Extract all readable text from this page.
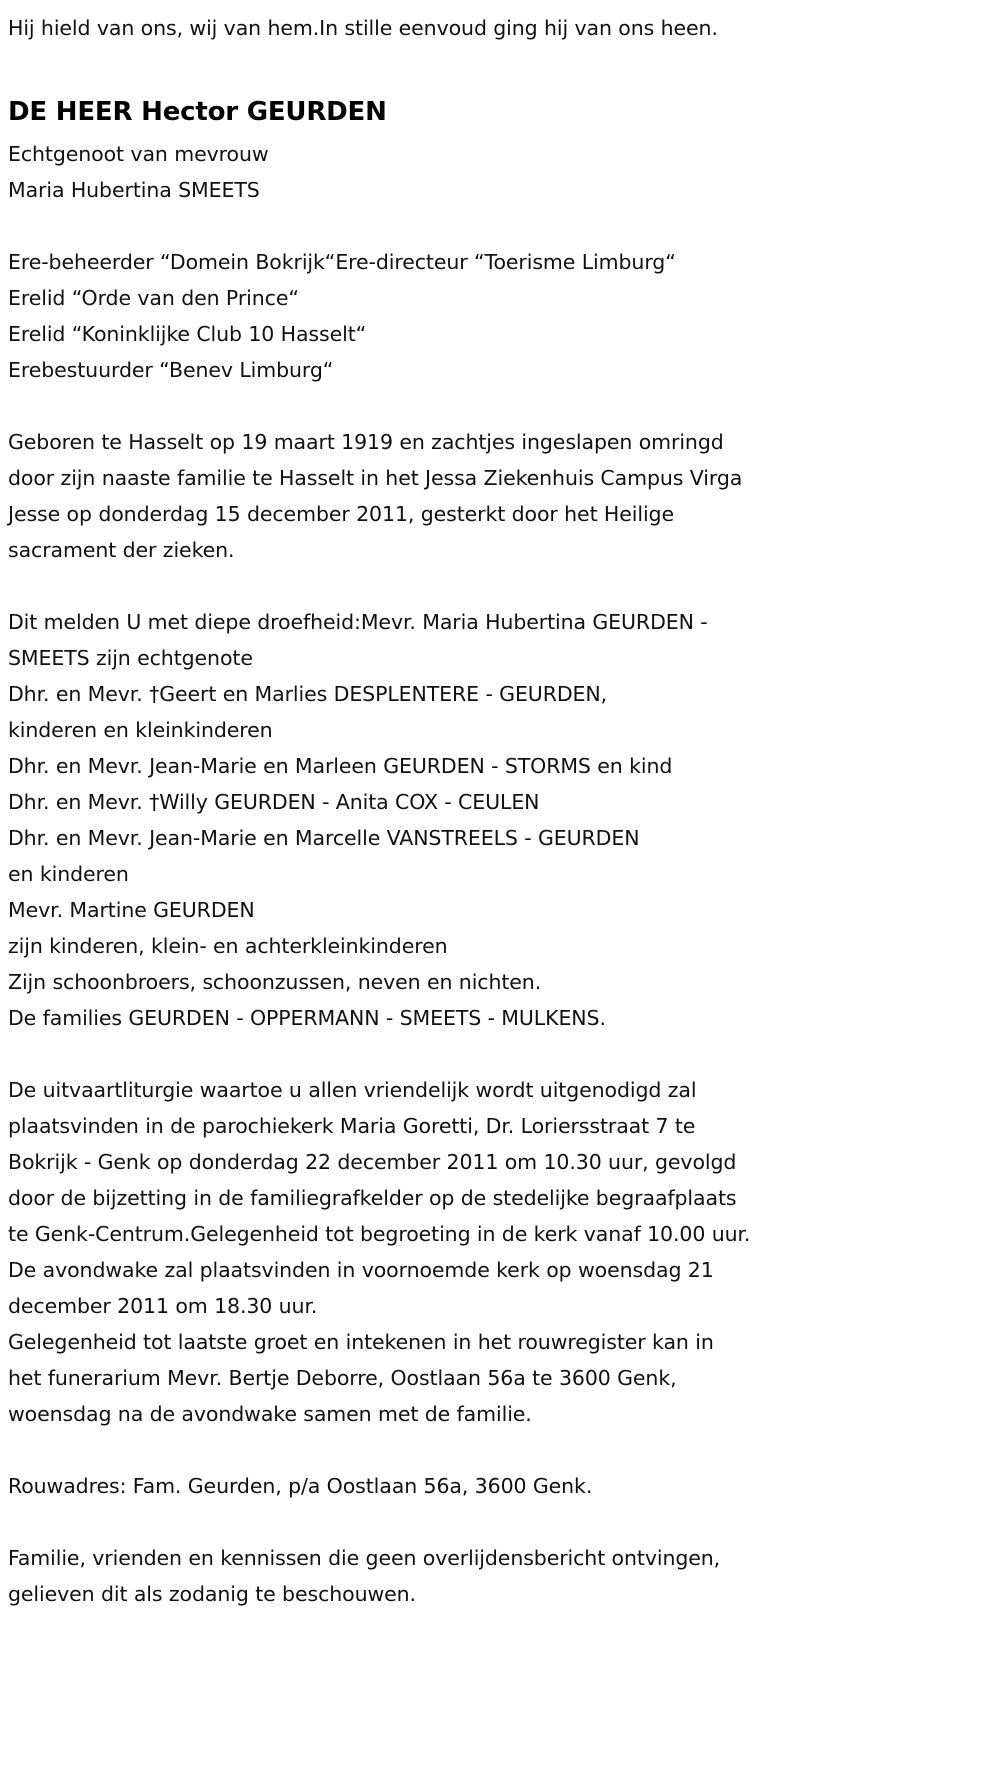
Hij hield van ons, wij van hem.In stille eenvoud ging hij van ons heen.
DE HEER Hector GEURDEN
Echtgenoot van mevrouw
Maria Hubertina SMEETS
Ere-beheerder “Domein Bokrijk“Ere-directeur “Toerisme Limburg“
Erelid “Orde van den Prince“
Erelid “Koninklijke Club 10 Hasselt“
Erebestuurder “Benev Limburg“
Geboren te Hasselt op 19 maart 1919 en zachtjes ingeslapen omringd
door zijn naaste familie te Hasselt in het Jessa Ziekenhuis Campus Virga
Jesse op donderdag 15 december 2011, gesterkt door het Heilige
sacrament der zieken.
Dit melden U met diepe droefheid:Mevr. Maria Hubertina GEURDEN -
SMEETS zijn echtgenote
Dhr. en Mevr. †Geert en Marlies DESPLENTERE - GEURDEN,
kinderen en kleinkinderen
Dhr. en Mevr. Jean-Marie en Marleen GEURDEN - STORMS en kind
Dhr. en Mevr. †Willy GEURDEN - Anita COX - CEULEN
Dhr. en Mevr. Jean-Marie en Marcelle VANSTREELS - GEURDEN
en kinderen
Mevr. Martine GEURDEN
zijn kinderen, klein- en achterkleinkinderen
Zijn schoonbroers, schoonzussen, neven en nichten.
De families GEURDEN - OPPERMANN - SMEETS - MULKENS.
De uitvaartliturgie waartoe u allen vriendelijk wordt uitgenodigd zal
plaatsvinden in de parochiekerk Maria Goretti, Dr. Loriersstraat 7 te
Bokrijk - Genk op donderdag 22 december 2011 om 10.30 uur, gevolgd
door de bijzetting in de familiegrafkelder op de stedelijke begraafplaats
te Genk-Centrum.Gelegenheid tot begroeting in de kerk vanaf 10.00 uur.
De avondwake zal plaatsvinden in voornoemde kerk op woensdag 21
december 2011 om 18.30 uur.
Gelegenheid tot laatste groet en intekenen in het rouwregister kan in
het funerarium Mevr. Bertje Deborre, Oostlaan 56a te 3600 Genk,
woensdag na de avondwake samen met de familie.
Rouwadres: Fam. Geurden, p/a Oostlaan 56a, 3600 Genk.
Familie, vrienden en kennissen die geen overlijdensbericht ontvingen,
gelieven dit als zodanig te beschouwen.
